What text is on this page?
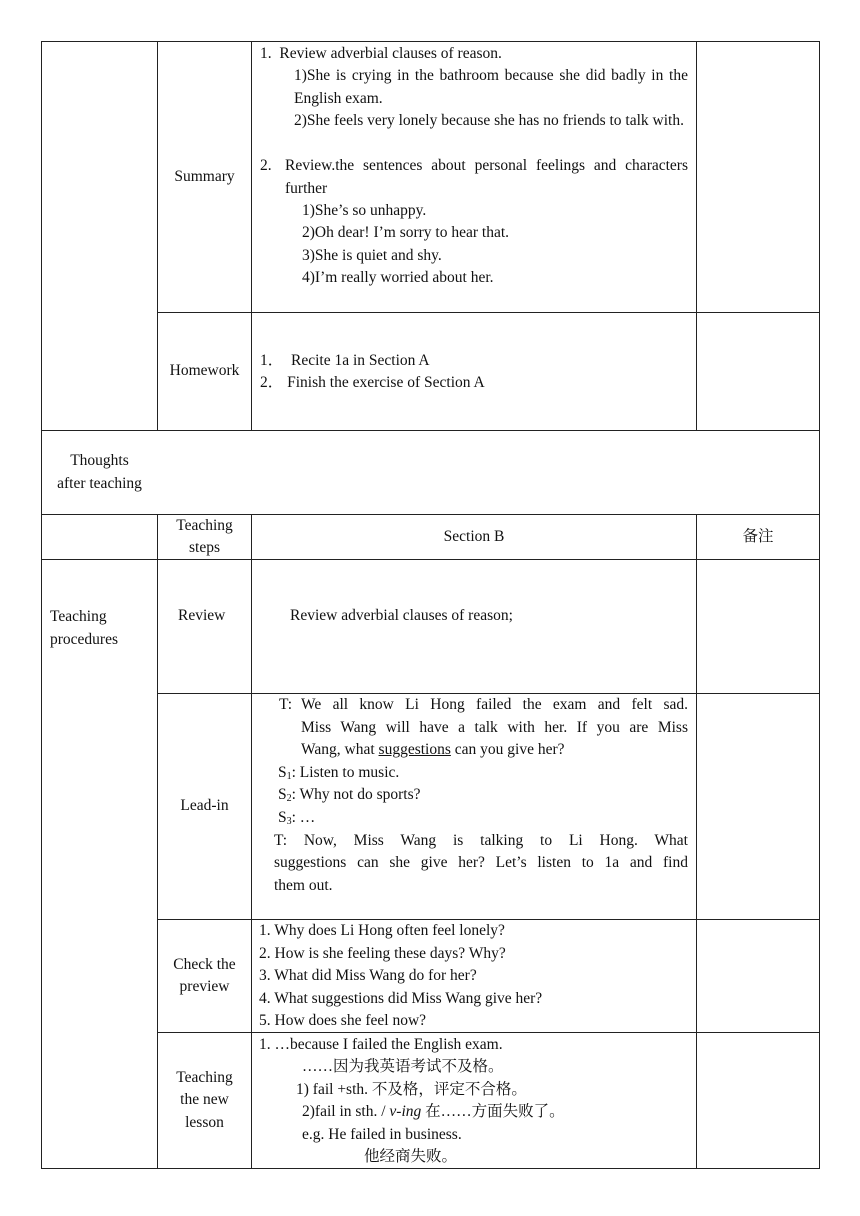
Summary
1.  Review adverbial clauses of reason.
1)She is crying in the bathroom because she did badly in the English exam.
2)She feels very lonely because she has no friends to talk with.
2. Review.the sentences about personal feelings and characters further
1)She’s so unhappy.
2)Oh dear! I’m sorry to hear that.
3)She is quiet and shy.
4)I’m really worried about her.
Homework
1．  Recite 1a in Section A
2． Finish the exercise of Section A
Thoughts
after teaching
Teaching
steps
Section B	备注
Teaching
procedures
Review	Review adverbial clauses of reason;
Lead-in
T: We all know Li Hong failed the exam and felt sad.
Miss Wang will have a talk with her. If you are Miss
Wang, what suggestions can you give her?
$S_1$: Listen to music.
$S_2$: Why not do sports?
$S_3$: …
T: Now, Miss Wang is talking to Li Hong. What
suggestions can she give her? Let’s listen to 1a and find
them out.
Check the
preview
1. Why does Li Hong often feel lonely?
2. How is she feeling these days? Why?
3. What did Miss Wang do for her?
4. What suggestions did Miss Wang give her?
5. How does she feel now?
Teaching
the new
lesson
1. …because I failed the English exam.
……因为我英语考试不及格。
1) fail +sth. 不及格，评定不合格。
2)fail in sth. / v-ing 在……方面失败了。
e.g. He failed in business.
他经商失败。
